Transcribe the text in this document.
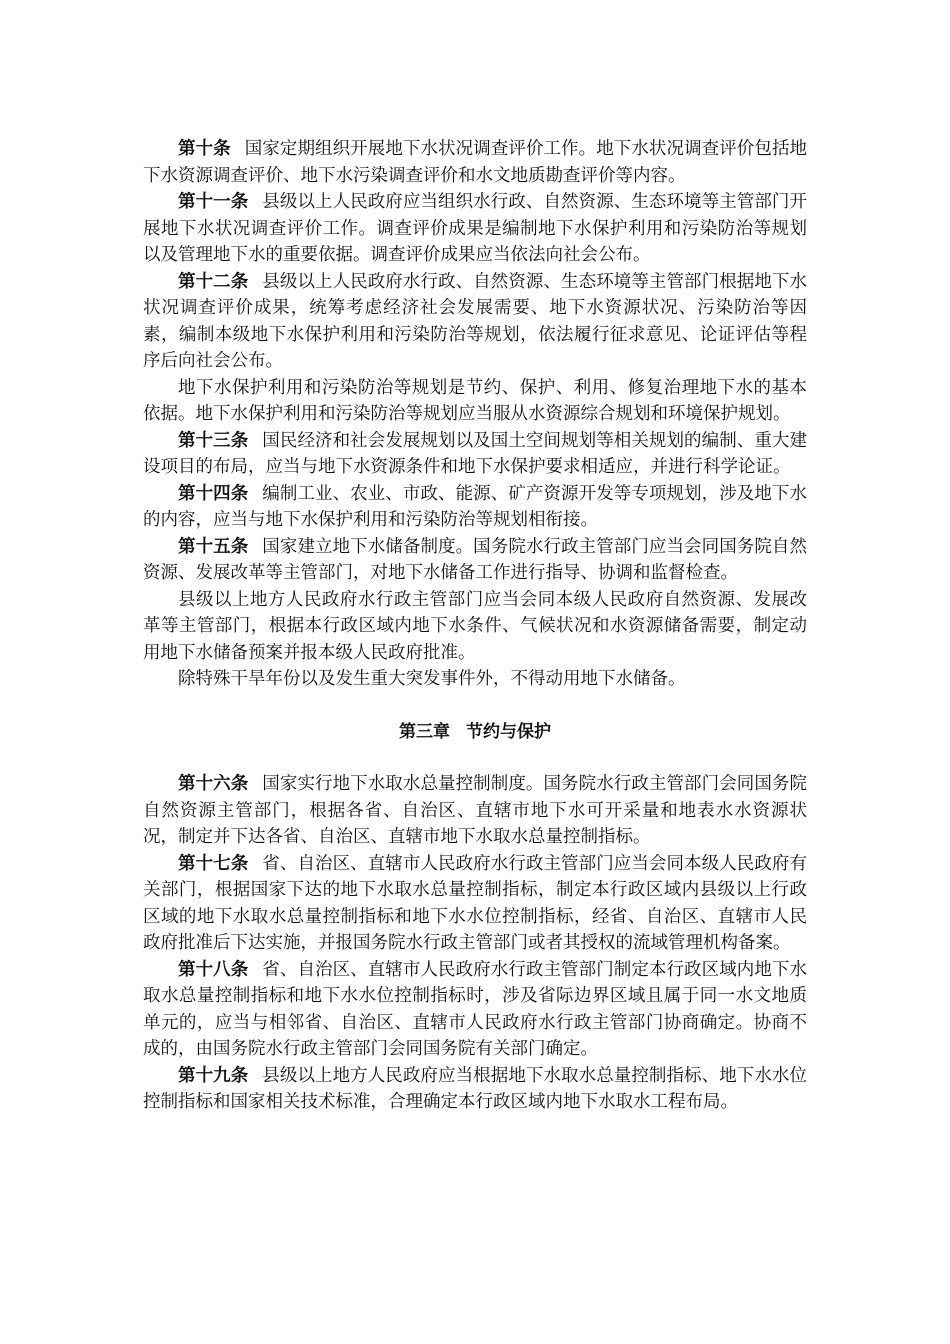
第十条 国家定期组织开展地下水状况调查评价工作。地下水状况调查评价包括地下水资源调查评价、地下水污染调查评价和水文地质勘查评价等内容。

第十一条 县级以上人民政府应当组织水行政、自然资源、生态环境等主管部门开展地下水状况调查评价工作。调查评价成果是编制地下水保护利用和污染防治等规划以及管理地下水的重要依据。调查评价成果应当依法向社会公布。

第十二条 县级以上人民政府水行政、自然资源、生态环境等主管部门根据地下水状况调查评价成果，统筹考虑经济社会发展需要、地下水资源状况、污染防治等因素，编制本级地下水保护利用和污染防治等规划，依法履行征求意见、论证评估等程序后向社会公布。

地下水保护利用和污染防治等规划是节约、保护、利用、修复治理地下水的基本依据。地下水保护利用和污染防治等规划应当服从水资源综合规划和环境保护规划。

第十三条 国民经济和社会发展规划以及国土空间规划等相关规划的编制、重大建设项目的布局，应当与地下水资源条件和地下水保护要求相适应，并进行科学论证。

第十四条 编制工业、农业、市政、能源、矿产资源开发等专项规划，涉及地下水的内容，应当与地下水保护利用和污染防治等规划相衔接。

第十五条 国家建立地下水储备制度。国务院水行政主管部门应当会同国务院自然资源、发展改革等主管部门，对地下水储备工作进行指导、协调和监督检查。

县级以上地方人民政府水行政主管部门应当会同本级人民政府自然资源、发展改革等主管部门，根据本行政区域内地下水条件、气候状况和水资源储备需要，制定动用地下水储备预案并报本级人民政府批准。

除特殊干旱年份以及发生重大突发事件外，不得动用地下水储备。

第三章 节约与保护

第十六条 国家实行地下水取水总量控制制度。国务院水行政主管部门会同国务院自然资源主管部门，根据各省、自治区、直辖市地下水可开采量和地表水水资源状况，制定并下达各省、自治区、直辖市地下水取水总量控制指标。

第十七条 省、自治区、直辖市人民政府水行政主管部门应当会同本级人民政府有关部门，根据国家下达的地下水取水总量控制指标，制定本行政区域内县级以上行政区域的地下水取水总量控制指标和地下水水位控制指标，经省、自治区、直辖市人民政府批准后下达实施，并报国务院水行政主管部门或者其授权的流域管理机构备案。

第十八条 省、自治区、直辖市人民政府水行政主管部门制定本行政区域内地下水取水总量控制指标和地下水水位控制指标时，涉及省际边界区域且属于同一水文地质单元的，应当与相邻省、自治区、直辖市人民政府水行政主管部门协商确定。协商不成的，由国务院水行政主管部门会同国务院有关部门确定。

第十九条 县级以上地方人民政府应当根据地下水取水总量控制指标、地下水水位控制指标和国家相关技术标准，合理确定本行政区域内地下水取水工程布局。
